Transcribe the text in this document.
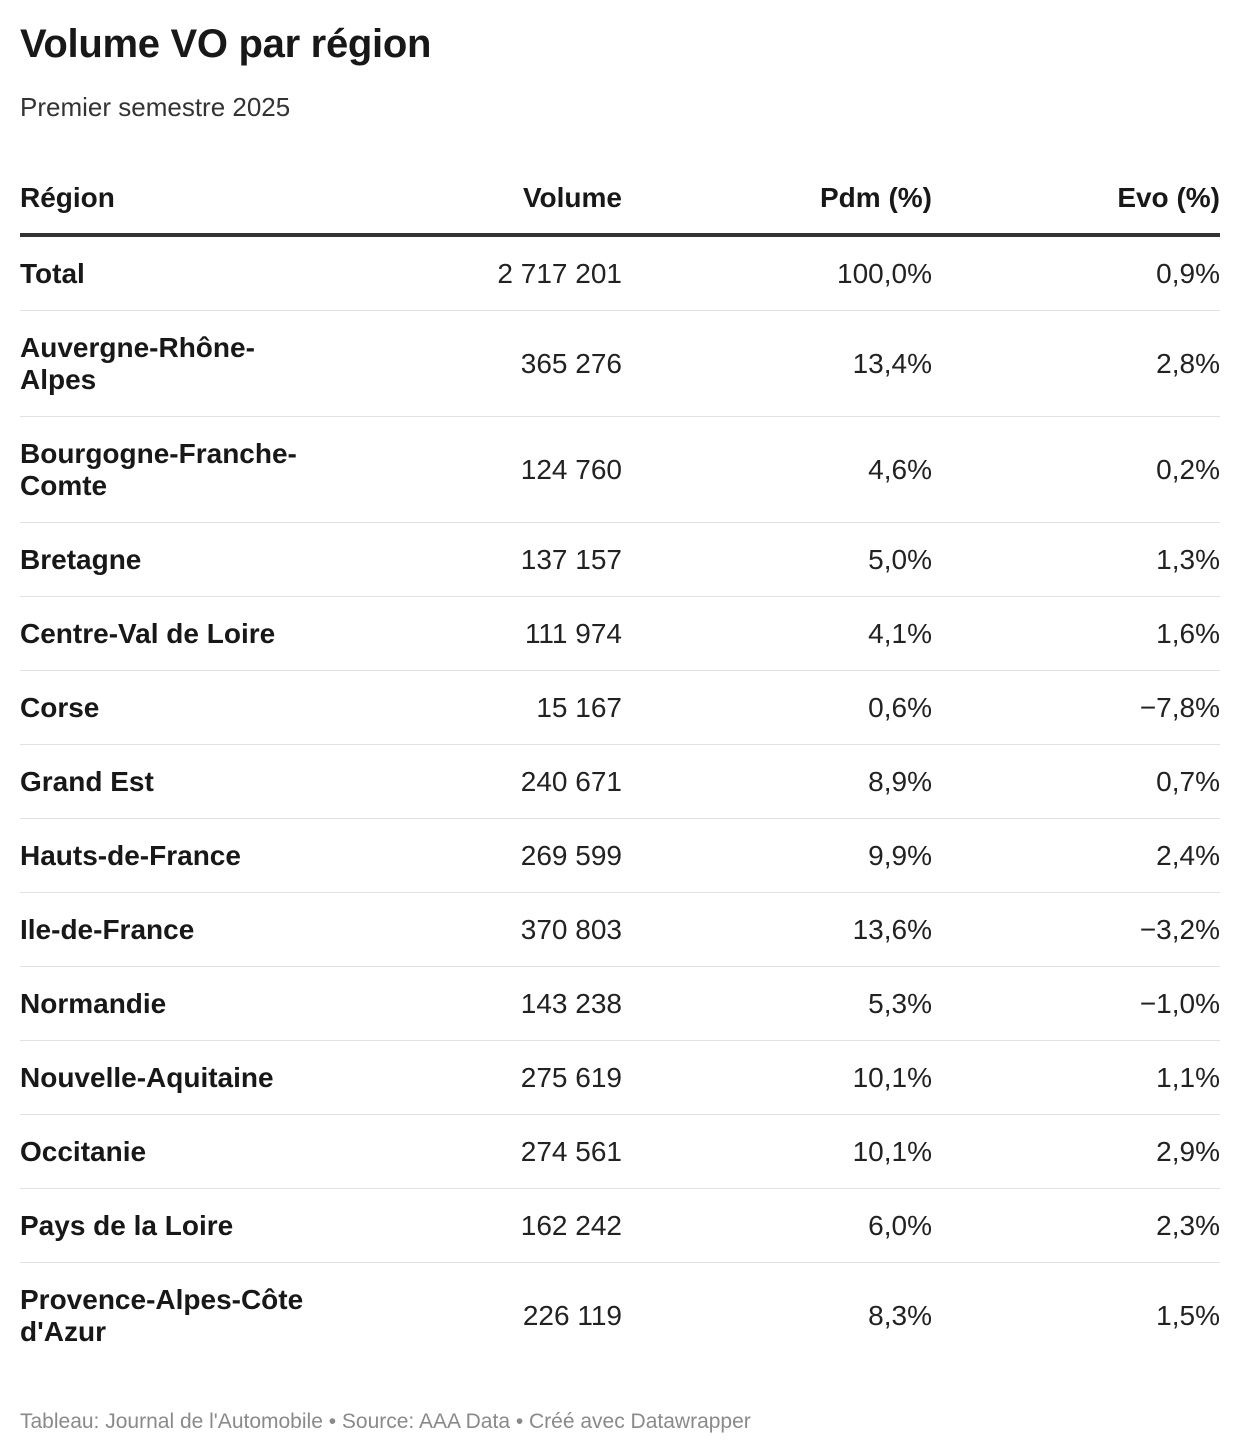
Volume VO par région

Premier semestre 2025

Région	Volume	Pdm (%)	Evo (%)
Total	2 717 201	100,0%	0,9%
Auvergne-Rhône-Alpes	365 276	13,4%	2,8%
Bourgogne-Franche-Comte	124 760	4,6%	0,2%
Bretagne	137 157	5,0%	1,3%
Centre-Val de Loire	111 974	4,1%	1,6%
Corse	15 167	0,6%	−7,8%
Grand Est	240 671	8,9%	0,7%
Hauts-de-France	269 599	9,9%	2,4%
Ile-de-France	370 803	13,6%	−3,2%
Normandie	143 238	5,3%	−1,0%
Nouvelle-Aquitaine	275 619	10,1%	1,1%
Occitanie	274 561	10,1%	2,9%
Pays de la Loire	162 242	6,0%	2,3%
Provence-Alpes-Côte d'Azur	226 119	8,3%	1,5%

Tableau: Journal de l'Automobile • Source: AAA Data • Créé avec Datawrapper
